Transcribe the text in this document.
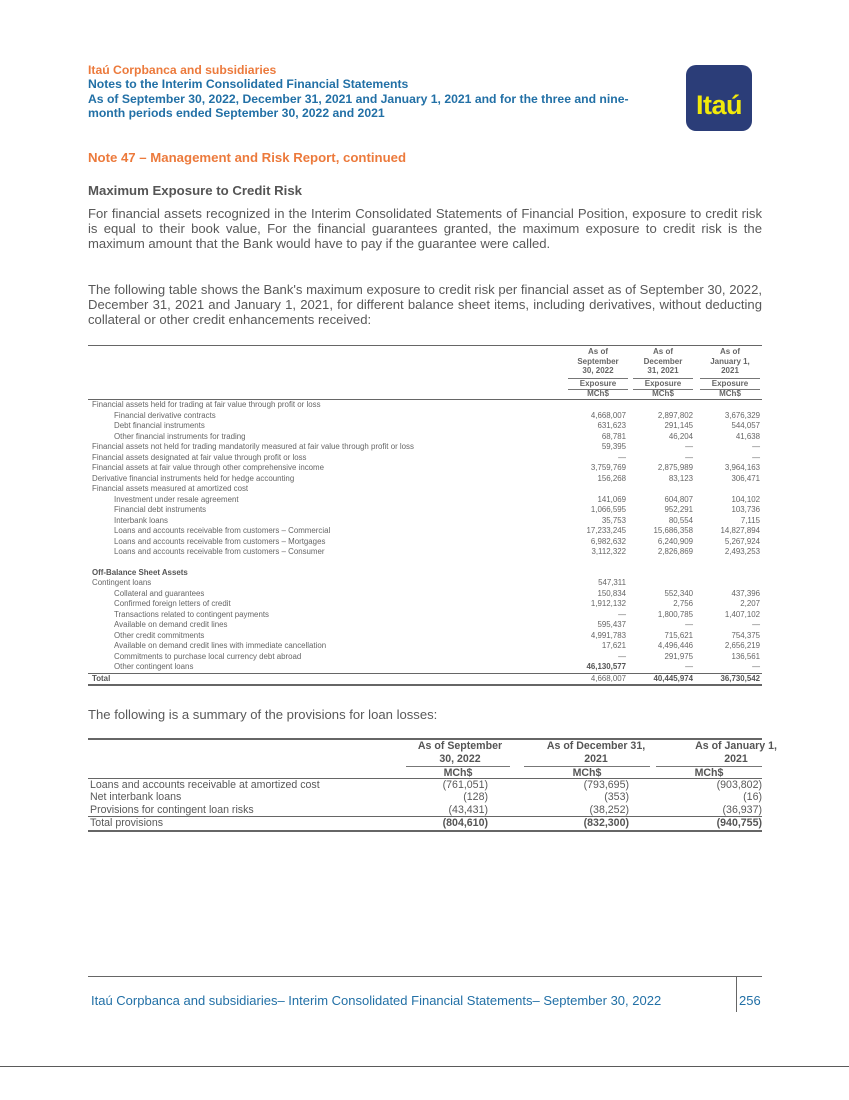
Itaú Corpbanca and subsidiaries
Notes to the Interim Consolidated Financial Statements
As of September 30, 2022, December 31, 2021 and January 1, 2021 and for the three and nine-
month periods ended September 30, 2022 and 2021	Itaú
Note 47 – Management and Risk Report, continued
Maximum Exposure to Credit Risk
For financial assets recognized in the Interim Consolidated Statements of Financial Position, exposure to credit risk is equal to their book value, For the financial guarantees granted, the maximum exposure to credit risk is the maximum amount that the Bank would have to pay if the guarantee were called.
The following table shows the Bank's maximum exposure to credit risk per financial asset as of September 30, 2022, December 31, 2021 and January 1, 2021, for different balance sheet items, including derivatives, without deducting collateral or other credit enhancements received:
As of
September
30, 2022
As of
December
31, 2021
As of
January 1,
2021
Exposure	Exposure	Exposure
MCh$	MCh$	MCh$
Financial assets held for trading at fair value through profit or loss
Financial derivative contracts	4,668,007	2,897,802	3,676,329
Debt financial instruments	631,623	291,145	544,057
Other financial instruments for trading	68,781	46,204	41,638
Financial assets not held for trading mandatorily measured at fair value through profit or loss	59,395	—	—
Financial assets designated at fair value through profit or loss	—	—	—
Financial assets at fair value through other comprehensive income	3,759,769	2,875,989	3,964,163
Derivative financial instruments held for hedge accounting	156,268	83,123	306,471
Financial assets measured at amortized cost
Investment under resale agreement	141,069	604,807	104,102
Financial debt instruments	1,066,595	952,291	103,736
Interbank loans	35,753	80,554	7,115
Loans and accounts receivable from customers – Commercial	17,233,245	15,686,358	14,827,894
Loans and accounts receivable from customers – Mortgages	6,982,632	6,240,909	5,267,924
Loans and accounts receivable from customers – Consumer	3,112,322	2,826,869	2,493,253
Off-Balance Sheet Assets
Contingent loans	547,311
Collateral and guarantees	150,834	552,340	437,396
Confirmed foreign letters of credit	1,912,132	2,756	2,207
Transactions related to contingent payments	—	1,800,785	1,407,102
Available on demand credit lines	595,437	—	—
Other credit commitments	4,991,783	715,621	754,375
Available on demand credit lines with immediate cancellation	17,621	4,496,446	2,656,219
Commitments to purchase local currency debt abroad	—	291,975	136,561
Other contingent loans	46,130,577	—	—
Total	4,668,007	40,445,974	36,730,542
The following is a summary of the provisions for loan losses:
As of September
30, 2022
As of December 31,
2021
As of January 1,
2021
MCh$	MCh$	MCh$
Loans and accounts receivable at amortized cost	(761,051)	(793,695)	(903,802)
Net interbank loans	(128)	(353)	(16)
Provisions for contingent loan risks	(43,431)	(38,252)	(36,937)
Total provisions	(804,610)	(832,300)	(940,755)
Itaú Corpbanca and subsidiaries– Interim Consolidated Financial Statements– September 30, 2022	256
